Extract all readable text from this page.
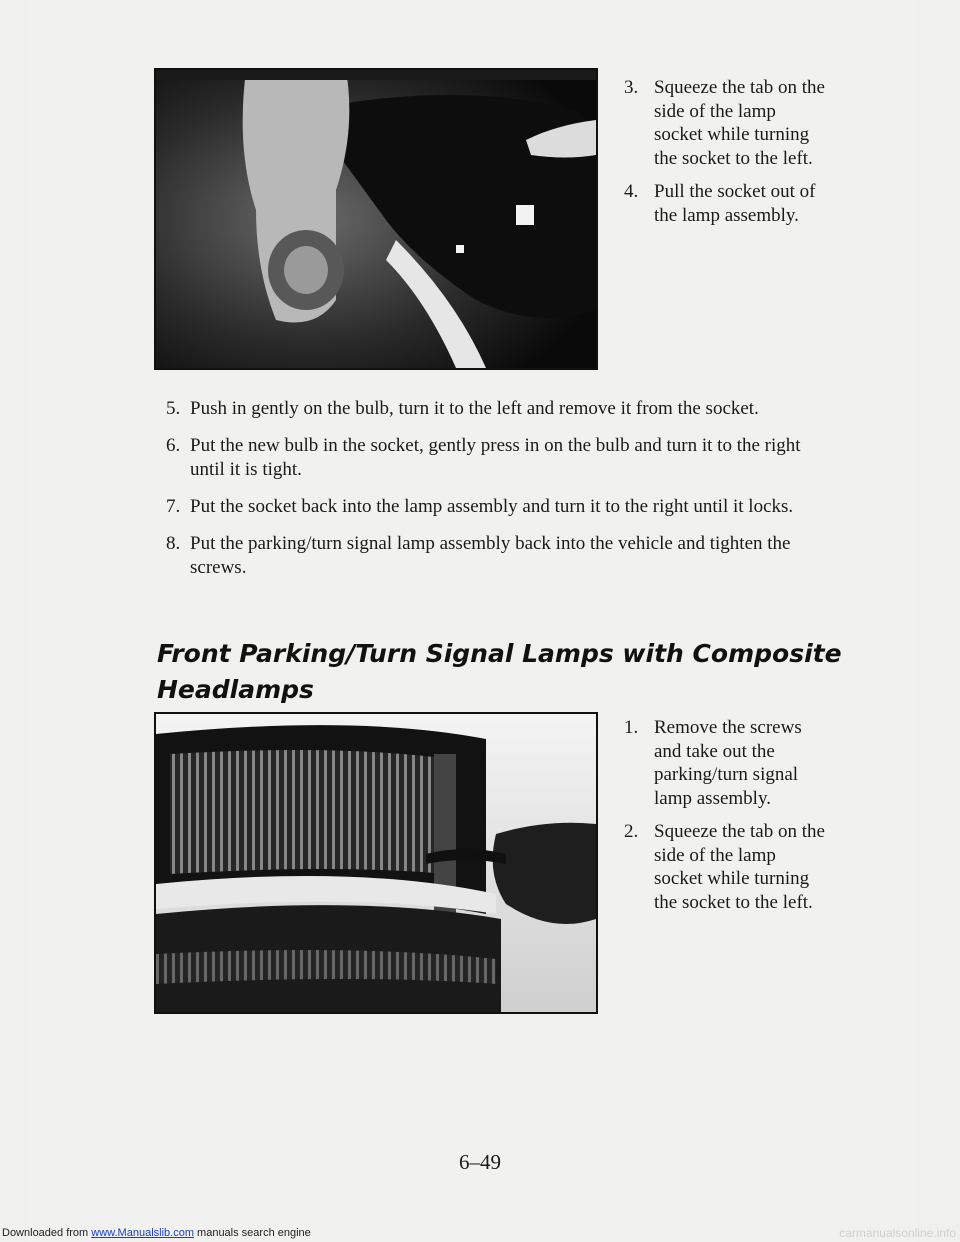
3. Squeeze the tab on the side of the lamp socket while turning the socket to the left.
4. Pull the socket out of the lamp assembly.
5. Push in gently on the bulb, turn it to the left and remove it from the socket.
6. Put the new bulb in the socket, gently press in on the bulb and turn it to the right until it is tight.
7. Put the socket back into the lamp assembly and turn it to the right until it locks.
8. Put the parking/turn signal lamp assembly back into the vehicle and tighten the screws.
Front Parking/Turn Signal Lamps with Composite Headlamps
1. Remove the screws and take out the parking/turn signal lamp assembly.
2. Squeeze the tab on the side of the lamp socket while turning the socket to the left.
6–49
Downloaded from www.Manualslib.com manuals search engine	carmanualsonline.info
